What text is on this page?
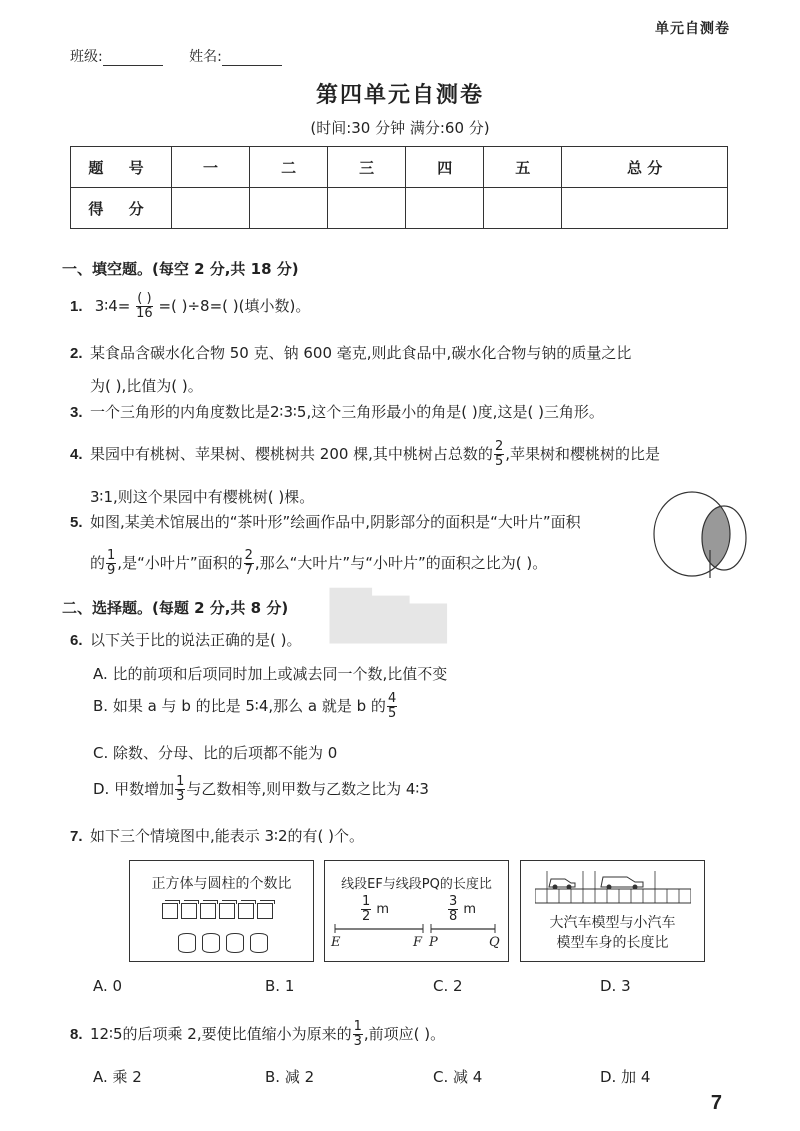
单元自测卷
班级:	姓名:
第四单元自测卷
(时间:30 分钟 满分:60 分)
题 号	一	二	三	四	五	总 分
得 分						
▇▆▅
一、填空题。(每空 2 分,共 18 分)
1. 3∶4= $\frac{( )}{16}$ =( )÷8=( )(填小数)。
2. 某食品含碳水化合物 50 克、钠 600 毫克,则此食品中,碳水化合物与钠的质量之比
为( ),比值为( )。
3. 一个三角形的内角度数比是2∶3∶5,这个三角形最小的角是( )度,这是( )三角形。
4. 果园中有桃树、苹果树、樱桃树共 200 棵,其中桃树占总数的 $\frac{2}{5}$ ,苹果树和樱桃树的比是
3∶1,则这个果园中有樱桃树( )棵。
5. 如图,某美术馆展出的“茶叶形”绘画作品中,阴影部分的面积是“大叶片”面积
的 $\frac{1}{9}$ ,是“小叶片”面积的 $\frac{2}{7}$ ,那么“大叶片”与“小叶片”的面积之比为( )。
二、选择题。(每题 2 分,共 8 分)
6. 以下关于比的说法正确的是( )。
A. 比的前项和后项同时加上或减去同一个数,比值不变
B. 如果 a 与 b 的比是 5∶4,那么 a 就是 b 的 $\frac{4}{5}$
C. 除数、分母、比的后项都不能为 0
D. 甲数增加 $\frac{1}{3}$ 与乙数相等,则甲数与乙数之比为 4∶3
7. 如下三个情境图中,能表示 3∶2的有( )个。
正方体与圆柱的个数比	线段EF与线段PQ的长度比
$\frac{1}{2}$ m	$\frac{3}{8}$ m
E	F P	Q
大汽车模型与小汽车
模型车身的长度比
A. 0	B. 1	C. 2	D. 3
8. 12∶5的后项乘 2,要使比值缩小为原来的 $\frac{1}{3}$ ,前项应( )。
A. 乘 2	B. 减 2	C. 减 4	D. 加 4
7
